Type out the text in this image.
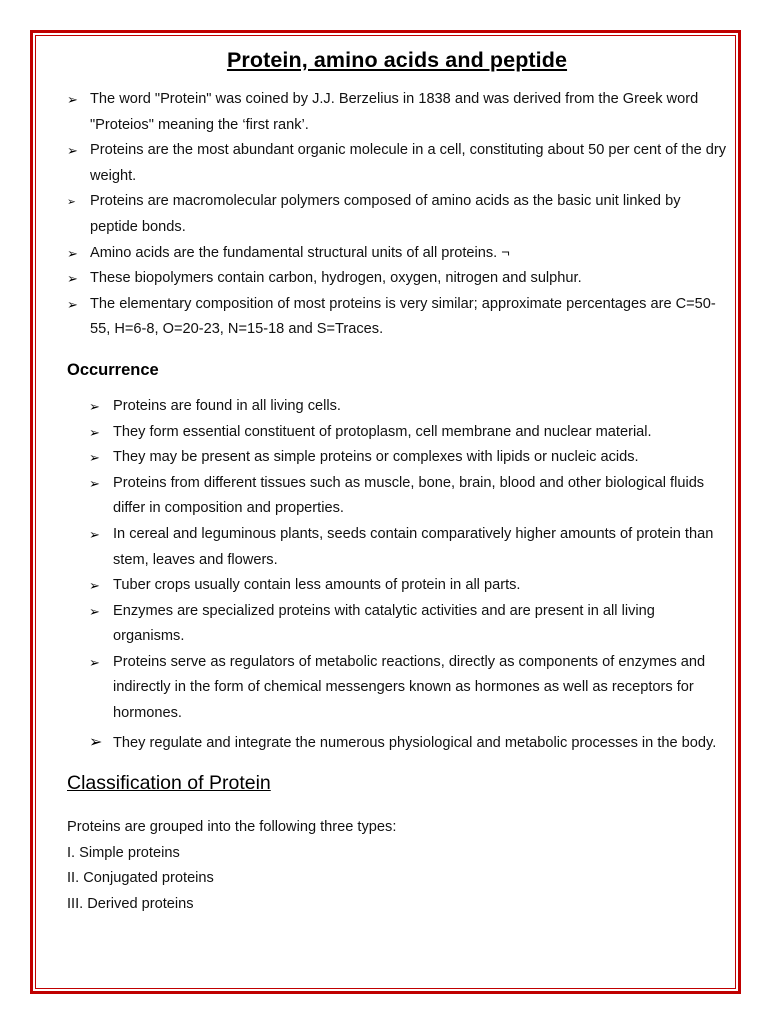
Protein, amino acids and peptide
➢ The word "Protein" was coined by J.J. Berzelius in 1838 and was derived from the Greek word "Proteios" meaning the ‘first rank’.
➢ Proteins are the most abundant organic molecule in a cell, constituting about 50 per cent of the dry weight.
➢ Proteins are macromolecular polymers composed of amino acids as the basic unit linked by peptide bonds.
➢ Amino acids are the fundamental structural units of all proteins. ¬
➢ These biopolymers contain carbon, hydrogen, oxygen, nitrogen and sulphur.
➢ The elementary composition of most proteins is very similar; approximate percentages are C=50-55, H=6-8, O=20-23, N=15-18 and S=Traces.
Occurrence
➢ Proteins are found in all living cells.
➢ They form essential constituent of protoplasm, cell membrane and nuclear material.
➢ They may be present as simple proteins or complexes with lipids or nucleic acids.
➢ Proteins from different tissues such as muscle, bone, brain, blood and other biological fluids differ in composition and properties.
➢ In cereal and leguminous plants, seeds contain comparatively higher amounts of protein than stem, leaves and flowers.
➢ Tuber crops usually contain less amounts of protein in all parts.
➢ Enzymes are specialized proteins with catalytic activities and are present in all living organisms.
➢ Proteins serve as regulators of metabolic reactions, directly as components of enzymes and indirectly in the form of chemical messengers known as hormones as well as receptors for hormones.
➢ They regulate and integrate the numerous physiological and metabolic processes in the body.
Classification of Protein

Proteins are grouped into the following three types:

I. Simple proteins

II. Conjugated proteins

III. Derived proteins
